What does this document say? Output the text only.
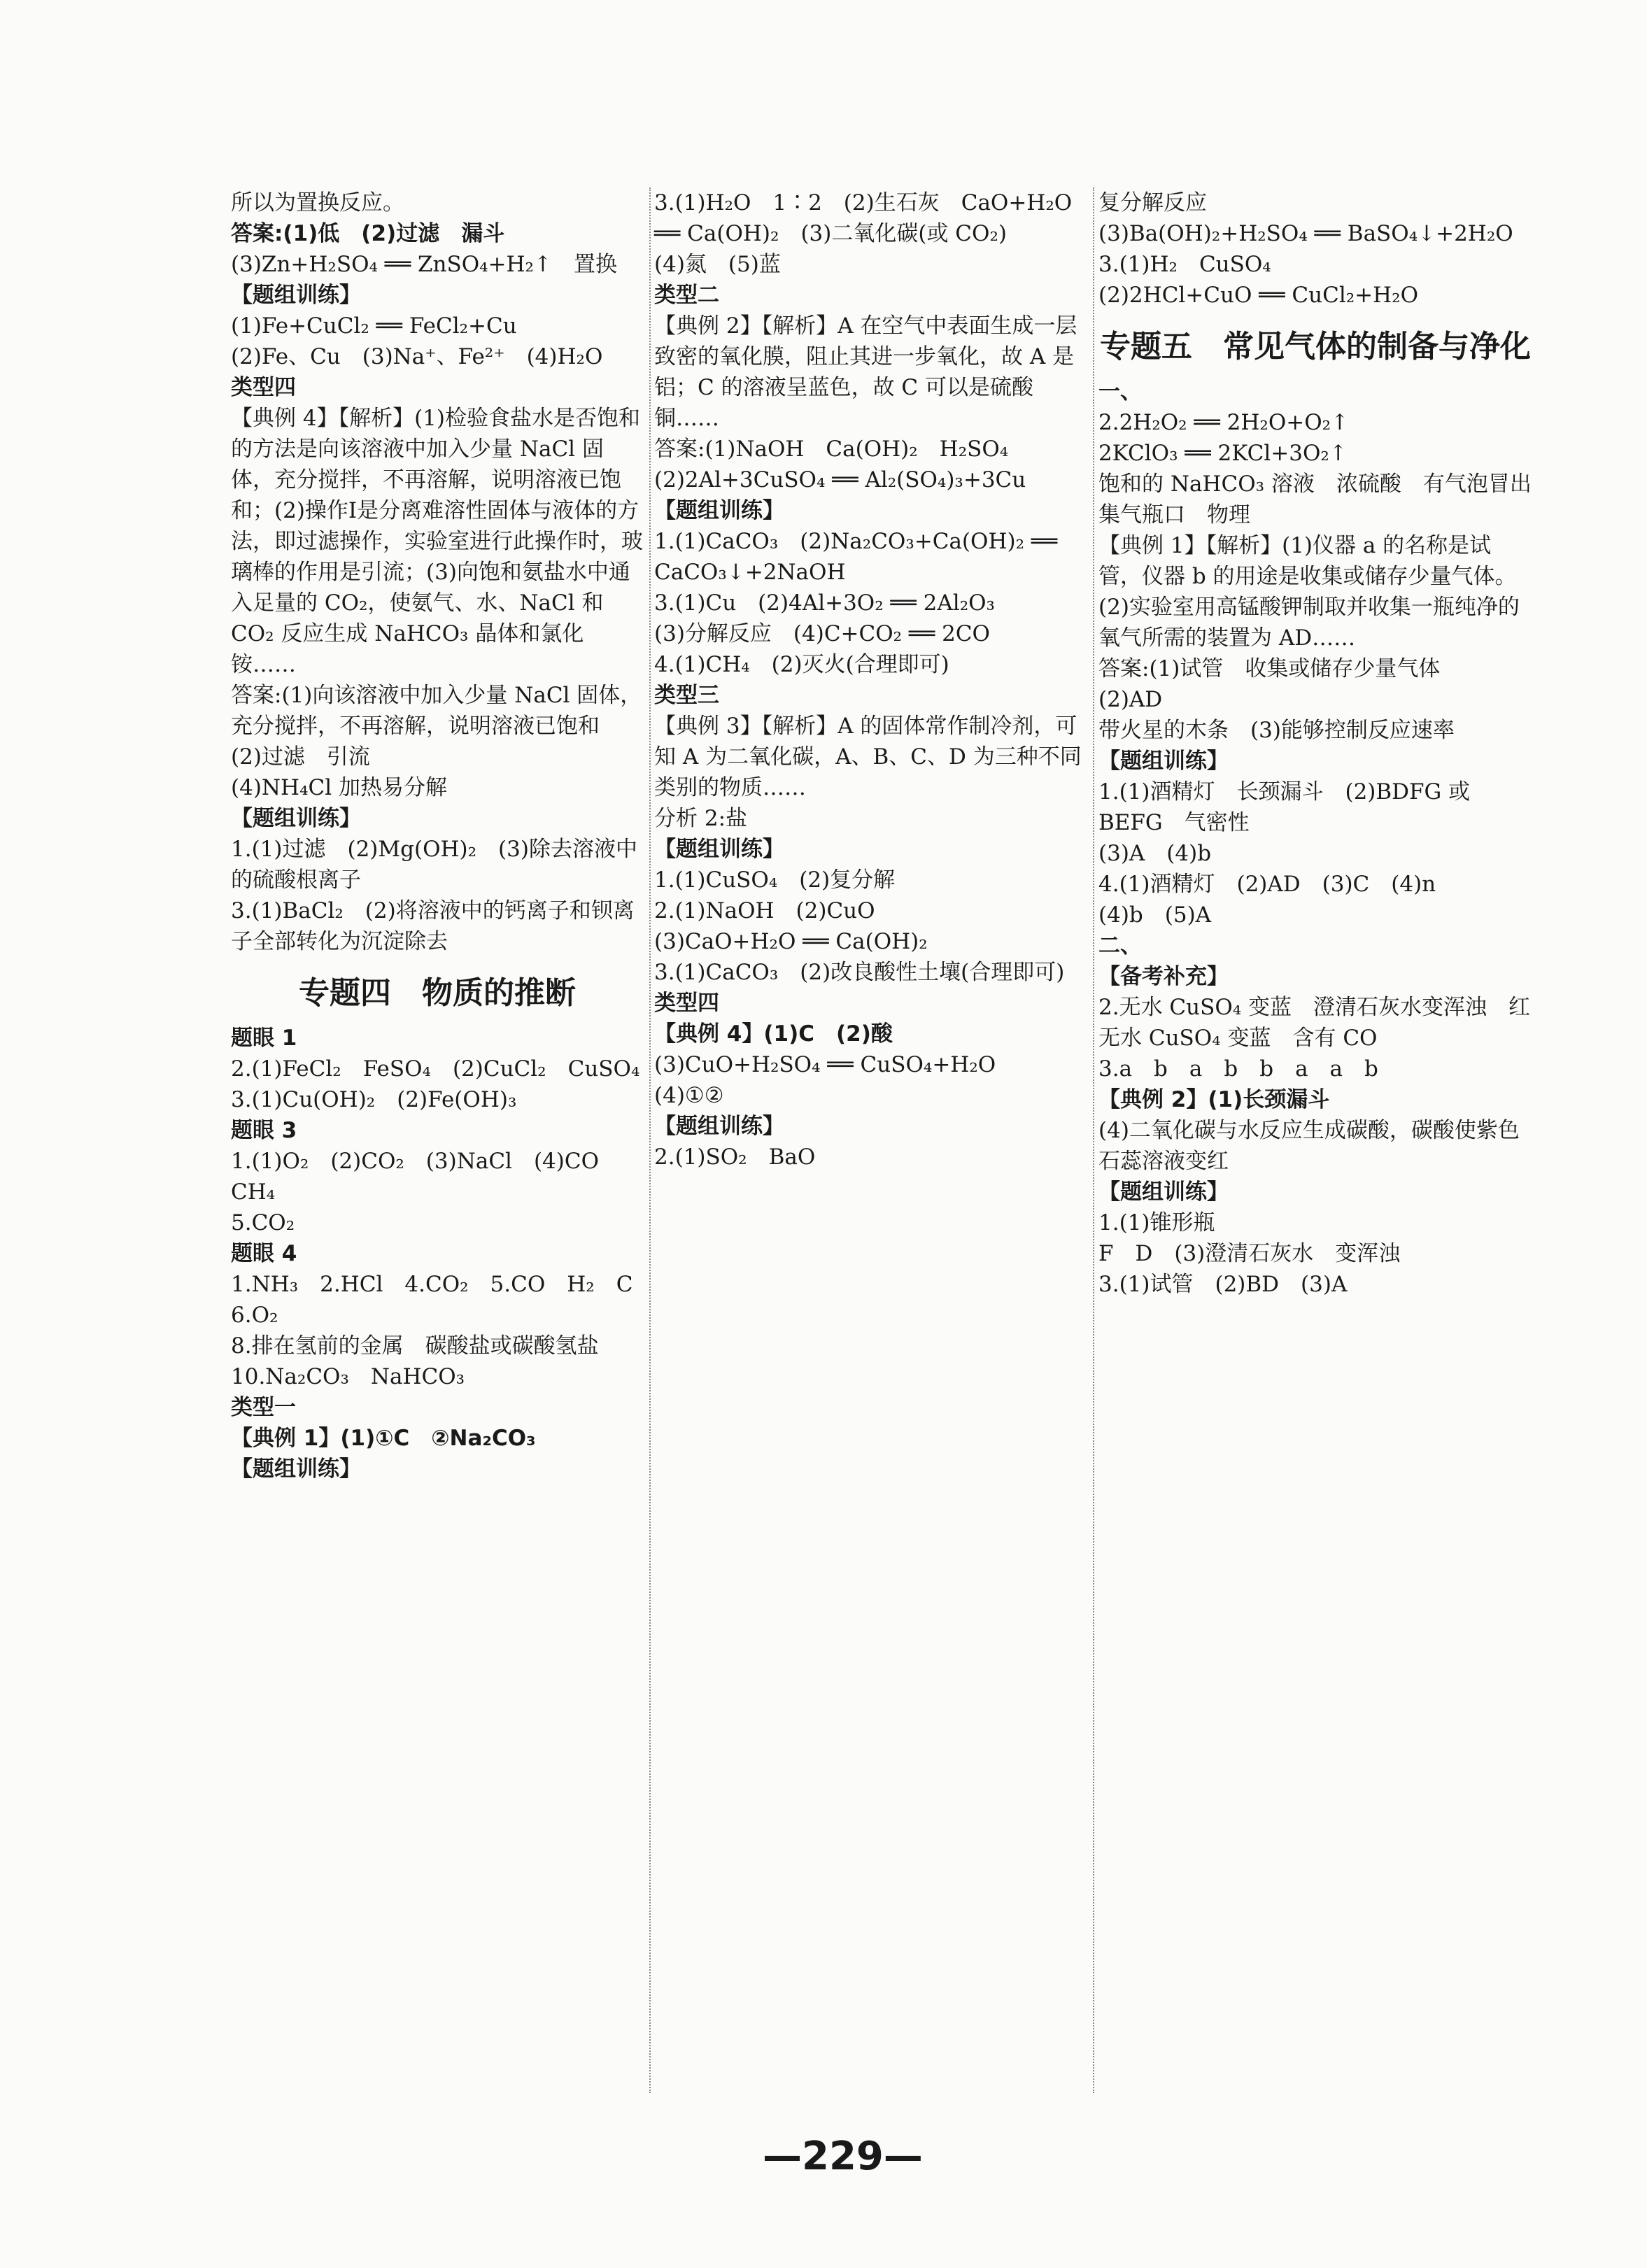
所以为置换反应。
答案:(1)低　(2)过滤　漏斗
(3)Zn+H₂SO₄ ══ ZnSO₄+H₂↑　置换
【题组训练】
(1)Fe+CuCl₂ ══ FeCl₂+Cu
(2)Fe、Cu　(3)Na⁺、Fe²⁺　(4)H₂O
类型四
【典例 4】【解析】(1)检验食盐水是否饱和的方法是向该溶液中加入少量 NaCl 固体，充分搅拌，不再溶解，说明溶液已饱和；(2)操作Ⅰ是分离难溶性固体与液体的方法，即过滤操作，实验室进行此操作时，玻璃棒的作用是引流；(3)向饱和氨盐水中通入足量的 CO₂，使氨气、水、NaCl 和 CO₂ 反应生成 NaHCO₃ 晶体和氯化铵……
答案:(1)向该溶液中加入少量 NaCl 固体，充分搅拌，不再溶解，说明溶液已饱和
(2)过滤　引流
(4)NH₄Cl 加热易分解
【题组训练】
1.(1)过滤　(2)Mg(OH)₂　(3)除去溶液中的硫酸根离子
3.(1)BaCl₂　(2)将溶液中的钙离子和钡离子全部转化为沉淀除去
专题四　物质的推断
题眼 1
2.(1)FeCl₂　FeSO₄　(2)CuCl₂　CuSO₄
3.(1)Cu(OH)₂　(2)Fe(OH)₃
题眼 3
1.(1)O₂　(2)CO₂　(3)NaCl　(4)CO　CH₄
5.CO₂
题眼 4
1.NH₃　2.HCl　4.CO₂　5.CO　H₂　C
6.O₂
8.排在氢前的金属　碳酸盐或碳酸氢盐
10.Na₂CO₃　NaHCO₃
类型一
【典例 1】(1)①C　②Na₂CO₃
【题组训练】
3.(1)H₂O　1∶2　(2)生石灰　CaO+H₂O ══ Ca(OH)₂　(3)二氧化碳(或 CO₂)
(4)氮　(5)蓝
类型二
【典例 2】【解析】A 在空气中表面生成一层致密的氧化膜，阻止其进一步氧化，故 A 是铝；C 的溶液呈蓝色，故 C 可以是硫酸铜……
答案:(1)NaOH　Ca(OH)₂　H₂SO₄
(2)2Al+3CuSO₄ ══ Al₂(SO₄)₃+3Cu
【题组训练】
1.(1)CaCO₃　(2)Na₂CO₃+Ca(OH)₂ ══ CaCO₃↓+2NaOH
3.(1)Cu　(2)4Al+3O₂ ══ 2Al₂O₃
(3)分解反应　(4)C+CO₂ ══ 2CO
4.(1)CH₄　(2)灭火(合理即可)
类型三
【典例 3】【解析】A 的固体常作制冷剂，可知 A 为二氧化碳，A、B、C、D 为三种不同类别的物质……
分析 2:盐
【题组训练】
1.(1)CuSO₄　(2)复分解
2.(1)NaOH　(2)CuO
(3)CaO+H₂O ══ Ca(OH)₂
3.(1)CaCO₃　(2)改良酸性土壤(合理即可)
类型四
【典例 4】(1)C　(2)酸
(3)CuO+H₂SO₄ ══ CuSO₄+H₂O
(4)①②
【题组训练】
2.(1)SO₂　BaO
复分解反应
(3)Ba(OH)₂+H₂SO₄ ══ BaSO₄↓+2H₂O
3.(1)H₂　CuSO₄
(2)2HCl+CuO ══ CuCl₂+H₂O
专题五　常见气体的制备与净化
一、
2.2H₂O₂ ══ 2H₂O+O₂↑
2KClO₃ ══ 2KCl+3O₂↑
饱和的 NaHCO₃ 溶液　浓硫酸　有气泡冒出　集气瓶口　物理
【典例 1】【解析】(1)仪器 a 的名称是试管，仪器 b 的用途是收集或储存少量气体。(2)实验室用高锰酸钾制取并收集一瓶纯净的氧气所需的装置为 AD……
答案:(1)试管　收集或储存少量气体
(2)AD
带火星的木条　(3)能够控制反应速率
【题组训练】
1.(1)酒精灯　长颈漏斗　(2)BDFG 或 BEFG　气密性
(3)A　(4)b
4.(1)酒精灯　(2)AD　(3)C　(4)n
(4)b　(5)A
二、
【备考补充】
2.无水 CuSO₄ 变蓝　澄清石灰水变浑浊　红　无水 CuSO₄ 变蓝　含有 CO
3.a　b　a　b　b　a　a　b
【典例 2】(1)长颈漏斗
(4)二氧化碳与水反应生成碳酸，碳酸使紫色石蕊溶液变红
【题组训练】
1.(1)锥形瓶
F　D　(3)澄清石灰水　变浑浊
3.(1)试管　(2)BD　(3)A
—229—
